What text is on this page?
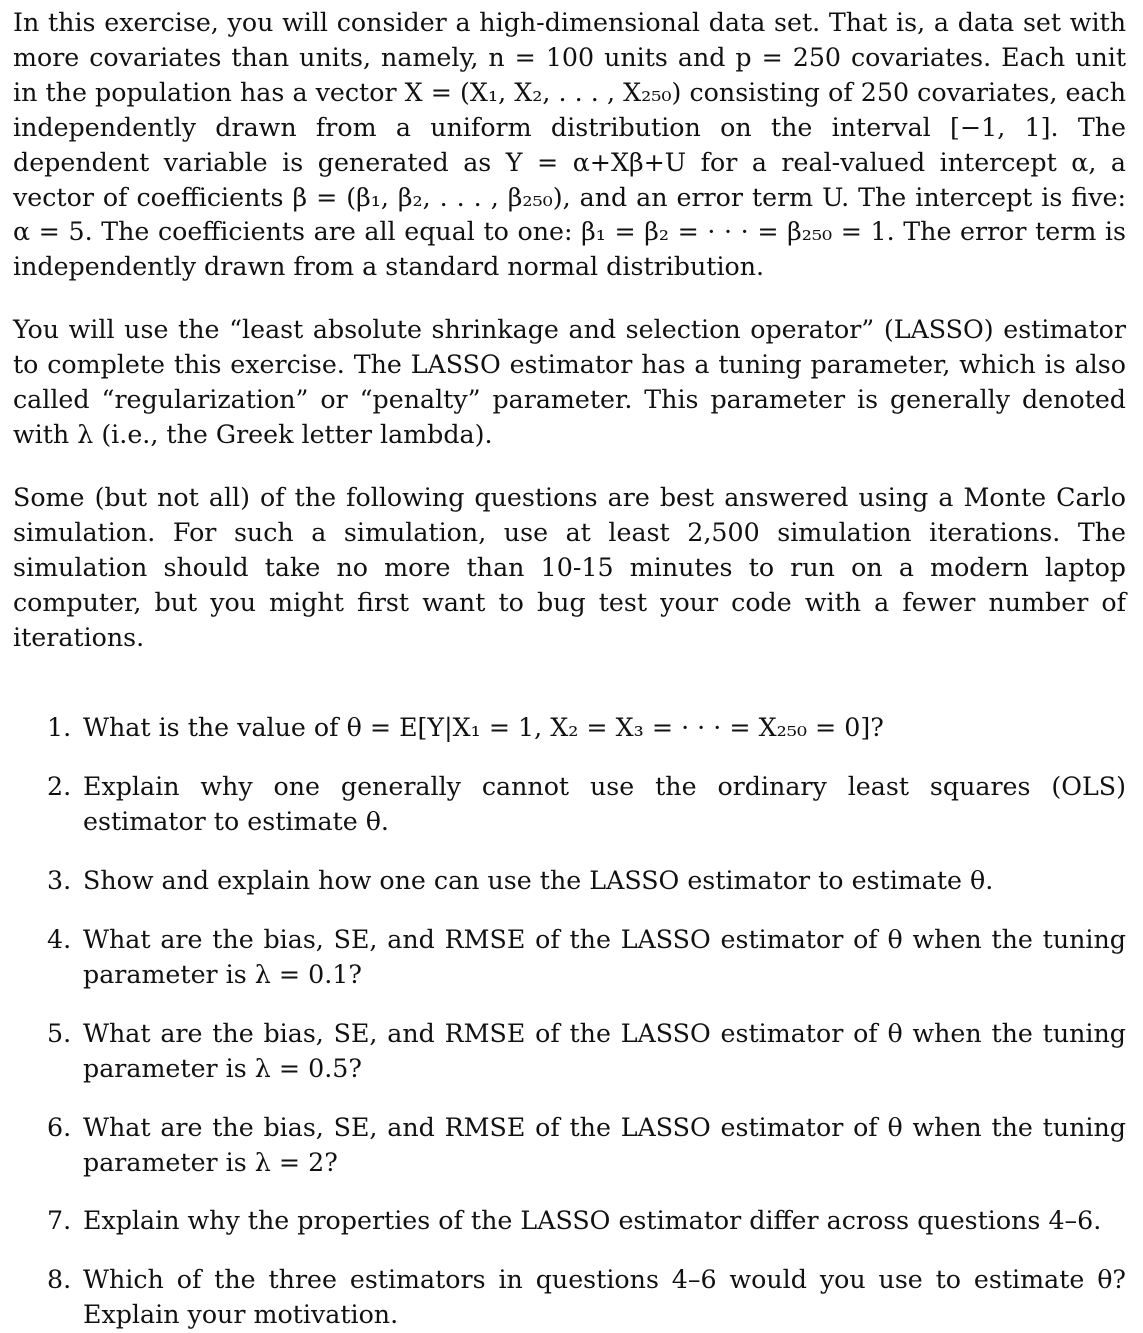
In this exercise, you will consider a high-dimensional data set. That is, a data set with more covariates than units, namely, n = 100 units and p = 250 covariates. Each unit in the population has a vector X = (X₁, X₂, . . . , X₂₅₀) consisting of 250 covariates, each independently drawn from a uniform distribution on the interval [−1, 1]. The dependent variable is generated as Y = α+Xβ+U for a real-valued intercept α, a vector of coefficients β = (β₁, β₂, . . . , β₂₅₀), and an error term U. The intercept is five: α = 5. The coefficients are all equal to one: β₁ = β₂ = · · · = β₂₅₀ = 1. The error term is independently drawn from a standard normal distribution.

You will use the “least absolute shrinkage and selection operator” (LASSO) estimator to complete this exercise. The LASSO estimator has a tuning parameter, which is also called “regularization” or “penalty” parameter. This parameter is generally denoted with λ (i.e., the Greek letter lambda).

Some (but not all) of the following questions are best answered using a Monte Carlo simulation. For such a simulation, use at least 2,500 simulation iterations. The simulation should take no more than 10-15 minutes to run on a modern laptop computer, but you might first want to bug test your code with a fewer number of iterations.

1. What is the value of θ = E[Y|X₁ = 1, X₂ = X₃ = · · · = X₂₅₀ = 0]?
2. Explain why one generally cannot use the ordinary least squares (OLS) estimator to estimate θ.
3. Show and explain how one can use the LASSO estimator to estimate θ.
4. What are the bias, SE, and RMSE of the LASSO estimator of θ when the tuning parameter is λ = 0.1?
5. What are the bias, SE, and RMSE of the LASSO estimator of θ when the tuning parameter is λ = 0.5?
6. What are the bias, SE, and RMSE of the LASSO estimator of θ when the tuning parameter is λ = 2?
7. Explain why the properties of the LASSO estimator differ across questions 4–6.
8. Which of the three estimators in questions 4–6 would you use to estimate θ? Explain your motivation.
